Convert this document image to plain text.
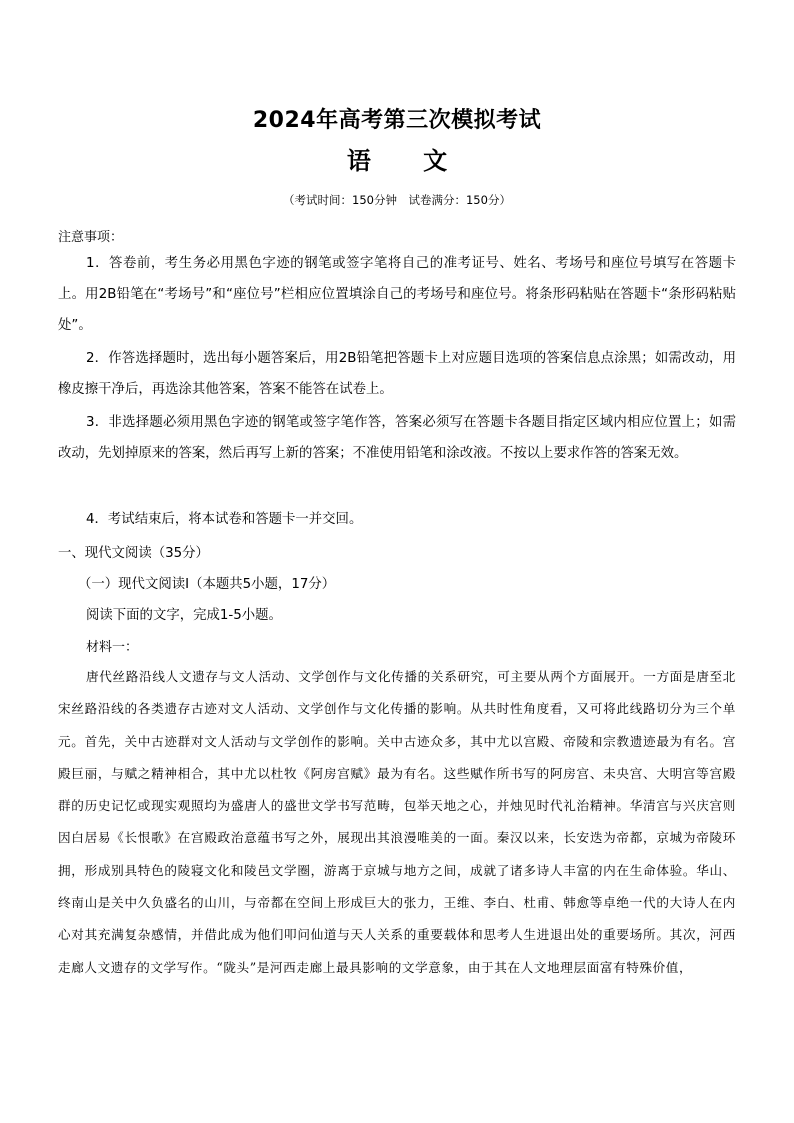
2024年高考第三次模拟考试
语 文
（考试时间：150分钟　试卷满分：150分）
注意事项：

1．答卷前，考生务必用黑色字迹的钢笔或签字笔将自己的准考证号、姓名、考场号和座位号填写在答题卡上。用2B铅笔在“考场号”和“座位号”栏相应位置填涂自己的考场号和座位号。将条形码粘贴在答题卡“条形码粘贴处”。

2．作答选择题时，选出每小题答案后，用2B铅笔把答题卡上对应题目选项的答案信息点涂黑；如需改动，用橡皮擦干净后，再选涂其他答案，答案不能答在试卷上。

3．非选择题必须用黑色字迹的钢笔或签字笔作答，答案必须写在答题卡各题目指定区域内相应位置上；如需改动，先划掉原来的答案，然后再写上新的答案；不准使用铅笔和涂改液。不按以上要求作答的答案无效。

4．考试结束后，将本试卷和答题卡一并交回。

一、现代文阅读（35分）
（一）现代文阅读Ⅰ（本题共5小题，17分）
阅读下面的文字，完成1-5小题。
材料一：

唐代丝路沿线人文遗存与文人活动、文学创作与文化传播的关系研究，可主要从两个方面展开。一方面是唐至北宋丝路沿线的各类遗存古迹对文人活动、文学创作与文化传播的影响。从共时性角度看，又可将此线路切分为三个单元。首先，关中古迹群对文人活动与文学创作的影响。关中古迹众多，其中尤以宫殿、帝陵和宗教遗迹最为有名。宫殿巨丽，与赋之精神相合，其中尤以杜牧《阿房宫赋》最为有名。这些赋作所书写的阿房宫、未央宫、大明宫等宫殿群的历史记忆或现实观照均为盛唐人的盛世文学书写范畴，包举天地之心，并烛见时代礼治精神。华清宫与兴庆宫则因白居易《长恨歌》在宫殿政治意蕴书写之外，展现出其浪漫唯美的一面。秦汉以来，长安迭为帝都，京城为帝陵环拥，形成别具特色的陵寝文化和陵邑文学圈，游离于京城与地方之间，成就了诸多诗人丰富的内在生命体验。华山、终南山是关中久负盛名的山川，与帝都在空间上形成巨大的张力，王维、李白、杜甫、韩愈等卓绝一代的大诗人在内心对其充满复杂感情，并借此成为他们叩问仙道与天人关系的重要载体和思考人生进退出处的重要场所。其次，河西走廊人文遗存的文学写作。“陇头”是河西走廊上最具影响的文学意象，由于其在人文地理层面富有特殊价值，
